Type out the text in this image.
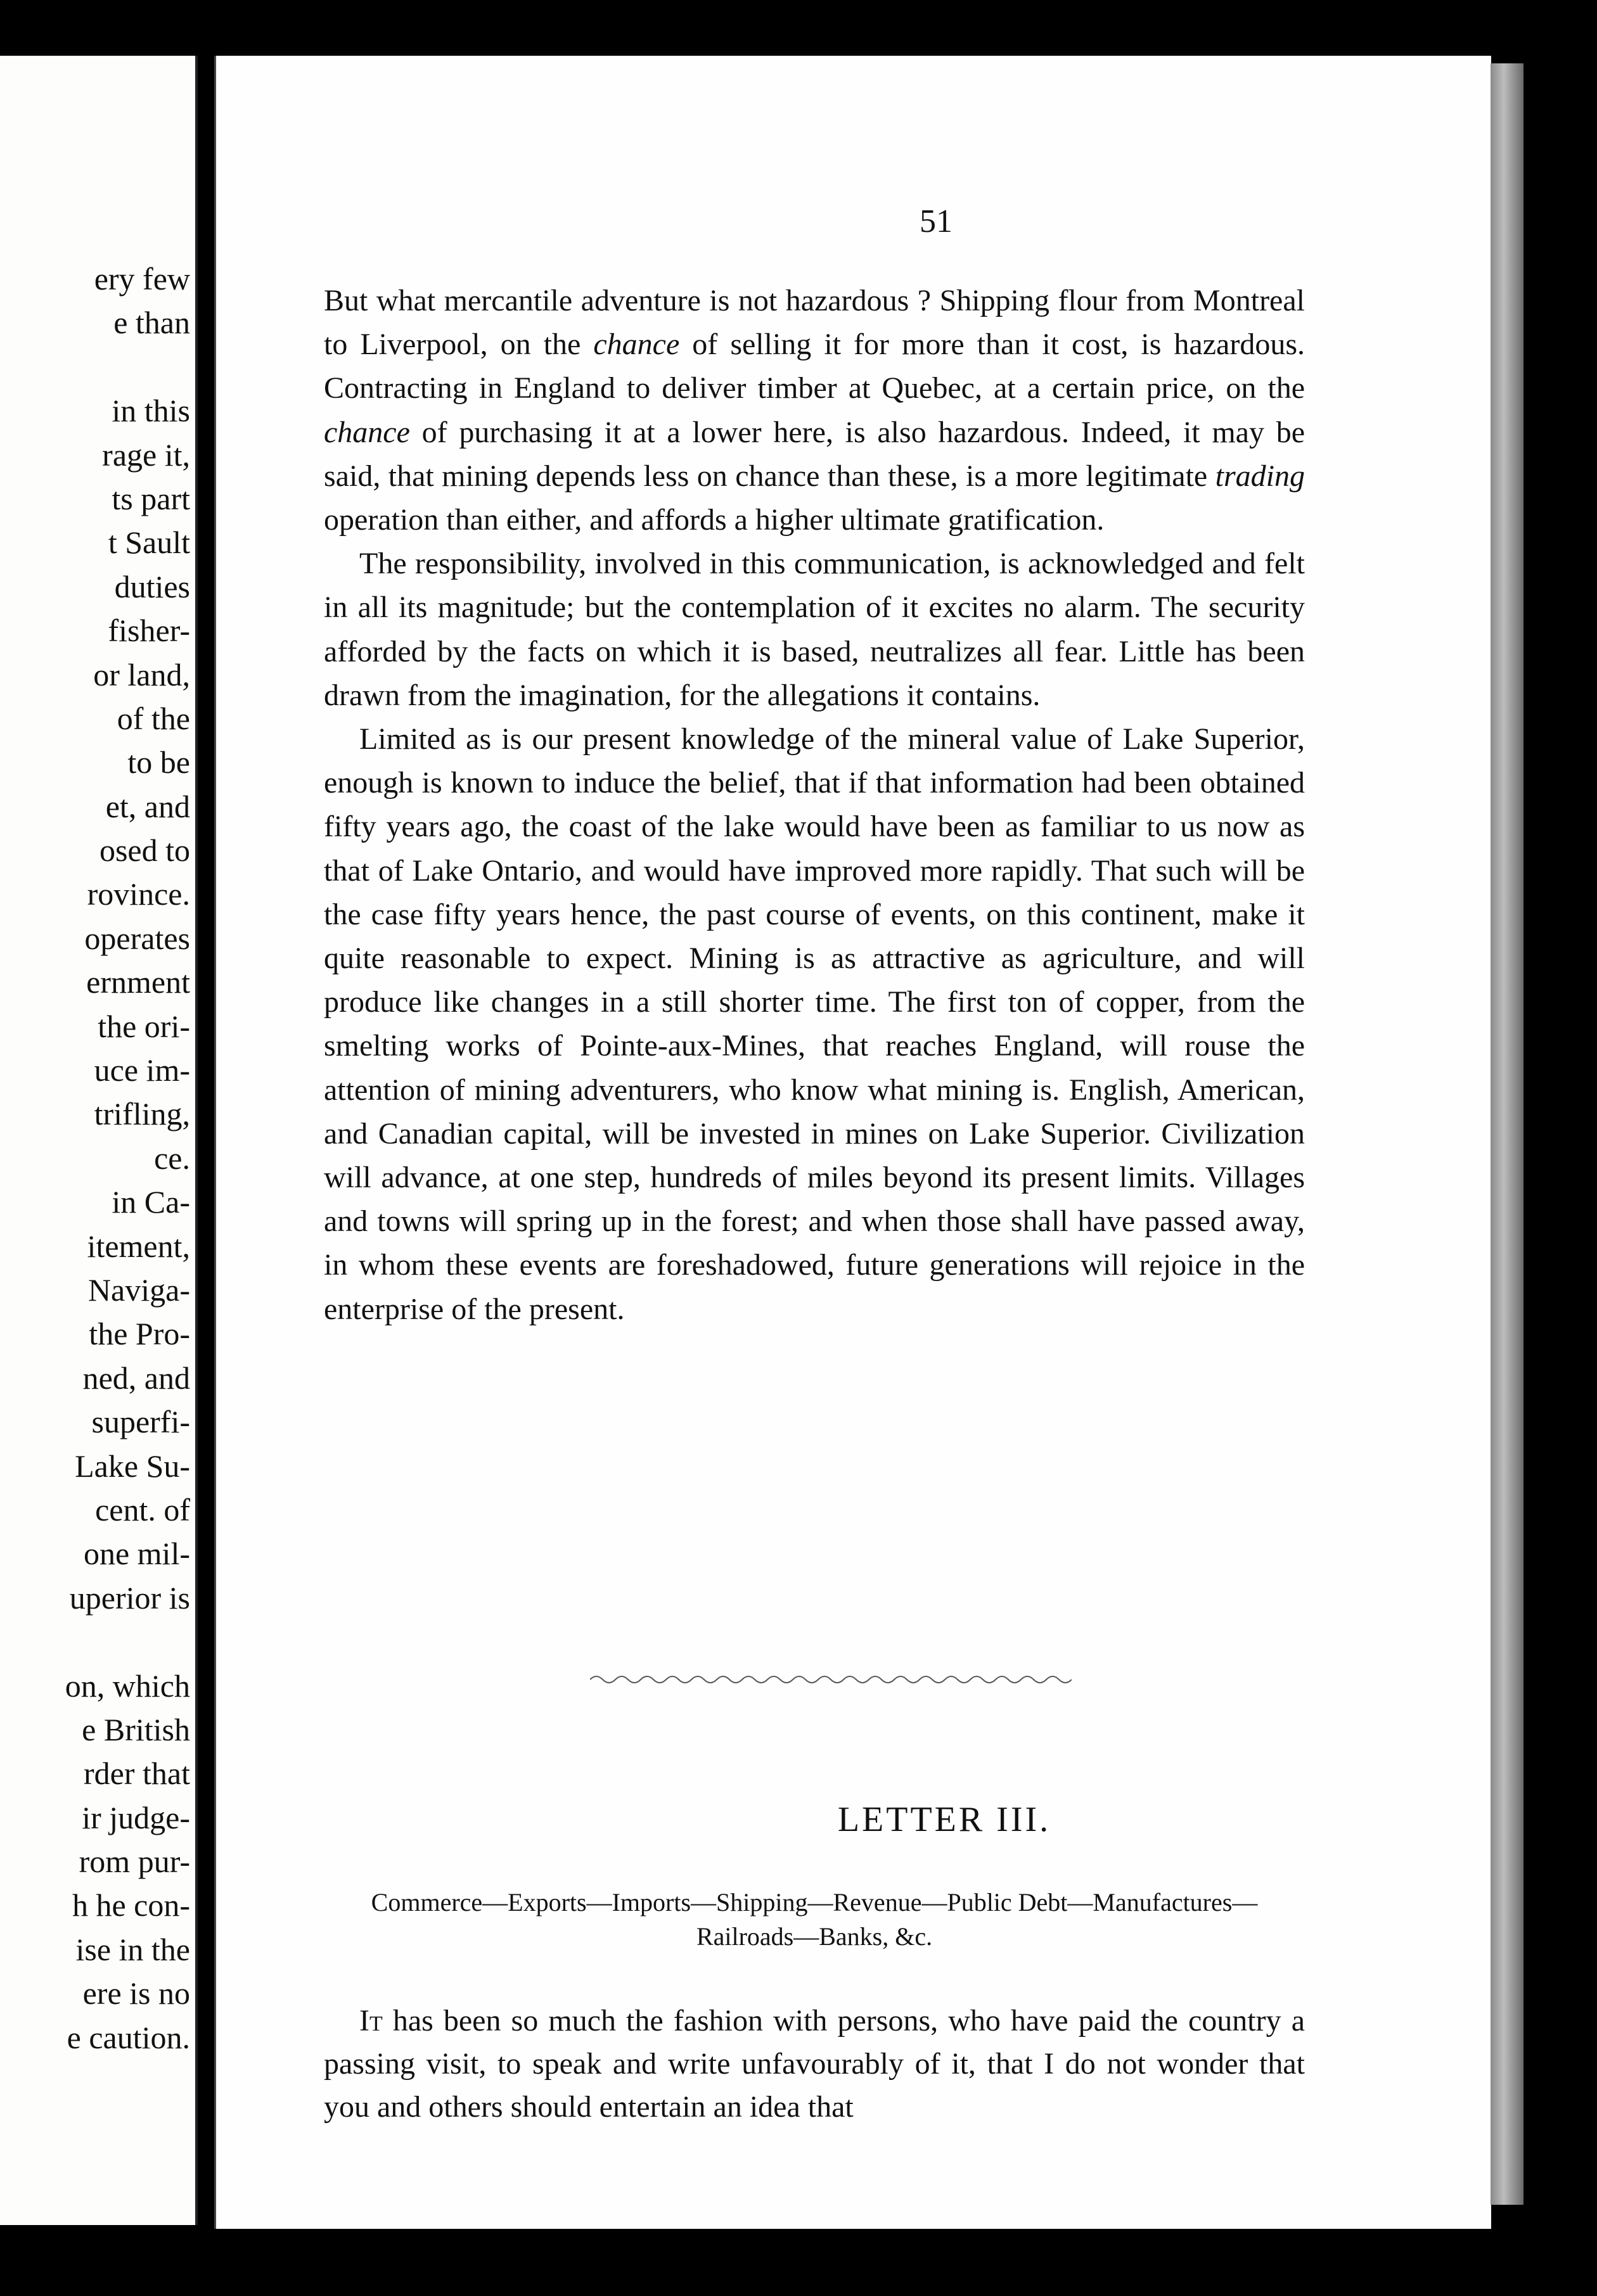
ery few
e than
in this
rage it,
ts part
t Sault
duties
fisher-
or land,
of the
to be
et, and
osed to
rovince.
operates
ernment
the ori-
uce im-
trifling,
ce.
in Ca-
itement,
Naviga-
the Pro-
ned, and
superfi-
Lake Su-
cent. of
one mil-
uperior is
on, which
e British
rder that
ir judge-
rom pur-
h he con-
ise in the
ere is no
e caution.
51

But what mercantile adventure is not hazardous ? Shipping flour from Montreal to Liverpool, on the chance of selling it for more than it cost, is hazardous. Contracting in England to deliver timber at Quebec, at a certain price, on the chance of purchasing it at a lower here, is also hazardous. Indeed, it may be said, that mining depends less on chance than these, is a more legitimate trading operation than either, and affords a higher ultimate gratification.

The responsibility, involved in this communication, is acknowledged and felt in all its magnitude; but the contemplation of it excites no alarm. The security afforded by the facts on which it is based, neutralizes all fear. Little has been drawn from the imagination, for the allegations it contains.

Limited as is our present knowledge of the mineral value of Lake Superior, enough is known to induce the belief, that if that information had been obtained fifty years ago, the coast of the lake would have been as familiar to us now as that of Lake Ontario, and would have improved more rapidly. That such will be the case fifty years hence, the past course of events, on this continent, make it quite reasonable to expect. Mining is as attractive as agriculture, and will produce like changes in a still shorter time. The first ton of copper, from the smelting works of Pointe-aux-Mines, that reaches England, will rouse the attention of mining adventurers, who know what mining is. English, American, and Canadian capital, will be invested in mines on Lake Superior. Civilization will advance, at one step, hundreds of miles beyond its present limits. Villages and towns will spring up in the forest; and when those shall have passed away, in whom these events are foreshadowed, future generations will rejoice in the enterprise of the present.

LETTER III.
Commerce—Exports—Imports—Shipping—Revenue—Public Debt—Manufactures—Railroads—Banks, &c.
It has been so much the fashion with persons, who have paid the country a passing visit, to speak and write unfavourably of it, that I do not wonder that you and others should entertain an idea that
